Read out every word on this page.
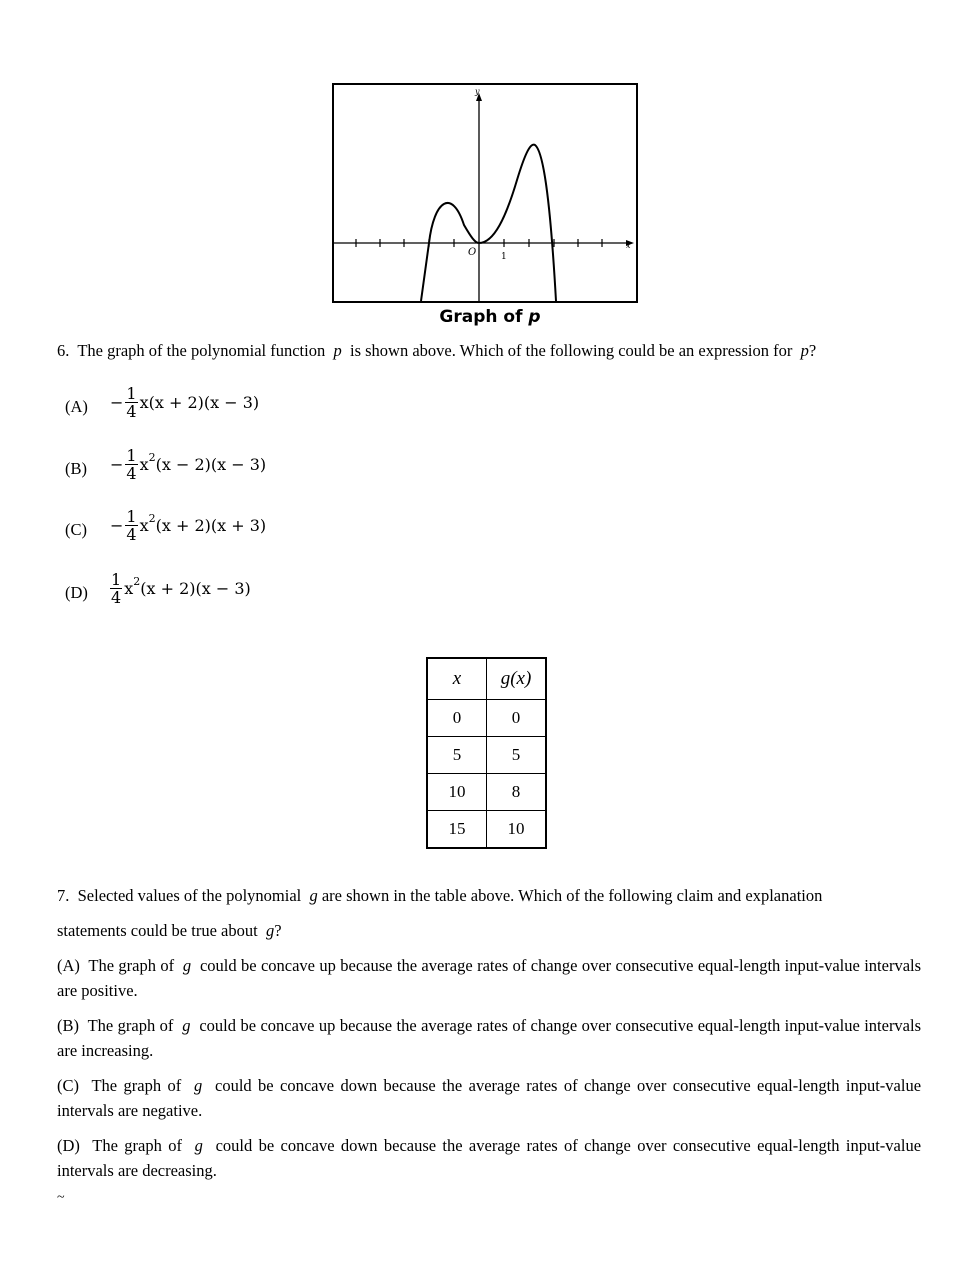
y
x
O	1
Graph of p
6. The graph of the polynomial function p is shown above. Which of the following could be an expression for p?
$(A) - \frac{1}{4} x(x + 2)(x - 3)$
$(B) - \frac{1}{4}$ x 2 (x − 2)(x − 3)
$(C) - \frac{1}{4}$ x 2 (x + 2)(x + 3)
$(D) \frac{1}{4}$ x 2 (x + 2)(x − 3)
x	g(x)
0	0
5	5
10	8
15	10
7. Selected values of the polynomial g are shown in the table above. Which of the following claim and explanation
statements could be true about g?
(A) The graph of g could be concave up because the average rates of change over consecutive equal-length input-value intervals are positive.
(B) The graph of g could be concave up because the average rates of change over consecutive equal-length input-value intervals are increasing.
(C) The graph of g could be concave down because the average rates of change over consecutive equal-length input-value intervals are negative.
(D) The graph of g could be concave down because the average rates of change over consecutive equal-length input-value intervals are decreasing.
~
